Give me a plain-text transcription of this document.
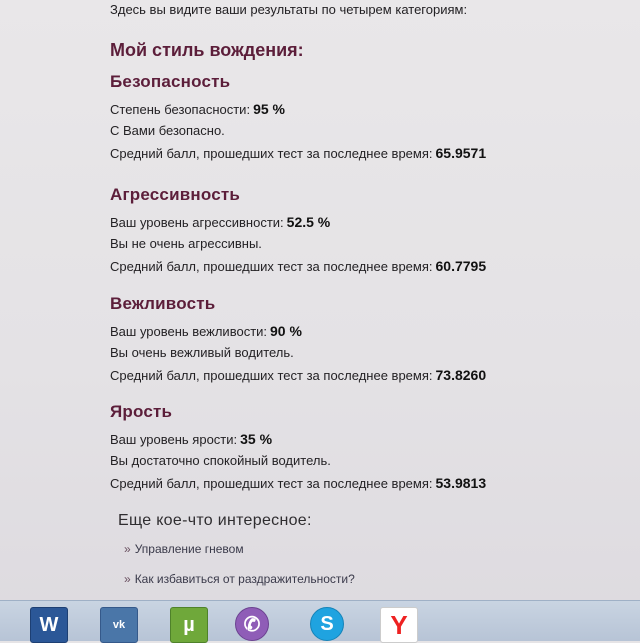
Здесь вы видите ваши результаты по четырем категориям:
Мой стиль вождения:
Безопасность
Степень безопасности: 95 %
С Вами безопасно.
Средний балл, прошедших тест за последнее время: 65.9571
Агрессивность
Ваш уровень агрессивности: 52.5 %
Вы не очень агрессивны.
Средний балл, прошедших тест за последнее время: 60.7795
Вежливость
Ваш уровень вежливости: 90 %
Вы очень вежливый водитель.
Средний балл, прошедших тест за последнее время: 73.8260
Ярость
Ваш уровень ярости: 35 %
Вы достаточно спокойный водитель.
Средний балл, прошедших тест за последнее время: 53.9813
Еще кое-что интересное:
» Управление гневом
» Как избавиться от раздражительности?
W	vk	µ	✆	S	Y
